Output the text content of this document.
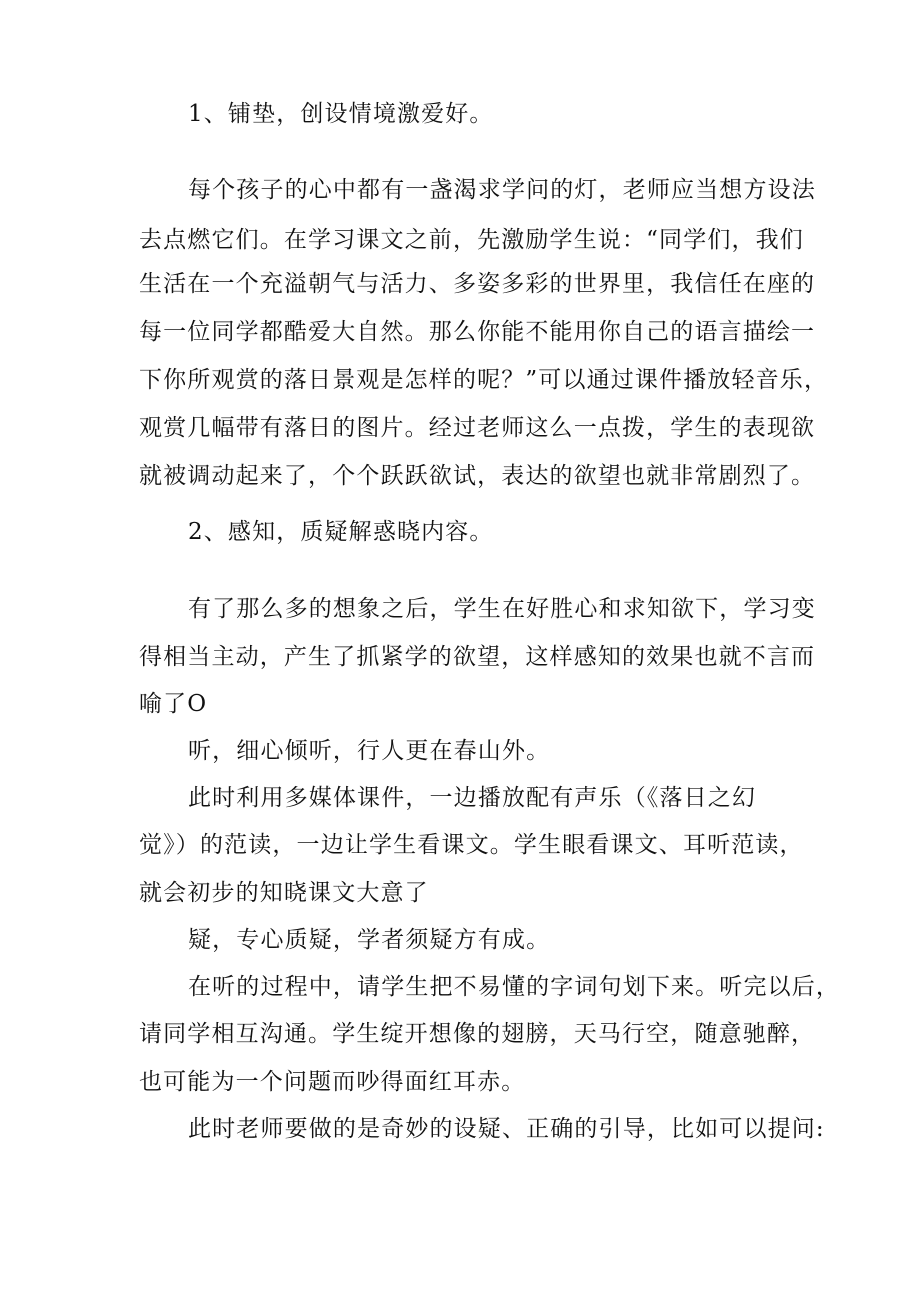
1、铺垫，创设情境激爱好。
每个孩子的心中都有一盏渴求学问的灯，老师应当想方设法
去点燃它们。在学习课文之前，先激励学生说：“同学们，我们
生活在一个充溢朝气与活力、多姿多彩的世界里，我信任在座的
每一位同学都酷爱大自然。那么你能不能用你自己的语言描绘一
下你所观赏的落日景观是怎样的呢？”可以通过课件播放轻音乐，
观赏几幅带有落日的图片。经过老师这么一点拨，学生的表现欲
就被调动起来了，个个跃跃欲试，表达的欲望也就非常剧烈了。
2、感知，质疑解惑晓内容。
有了那么多的想象之后，学生在好胜心和求知欲下，学习变
得相当主动，产生了抓紧学的欲望，这样感知的效果也就不言而
喻了O
听，细心倾听，行人更在春山外。
此时利用多媒体课件，一边播放配有声乐（《落日之幻
觉》）的范读，一边让学生看课文。学生眼看课文、耳听范读，
就会初步的知晓课文大意了
疑，专心质疑，学者须疑方有成。
在听的过程中，请学生把不易懂的字词句划下来。听完以后，
请同学相互沟通。学生绽开想像的翅膀，天马行空，随意驰醉，
也可能为一个问题而吵得面红耳赤。
此时老师要做的是奇妙的设疑、正确的引导，比如可以提问:
